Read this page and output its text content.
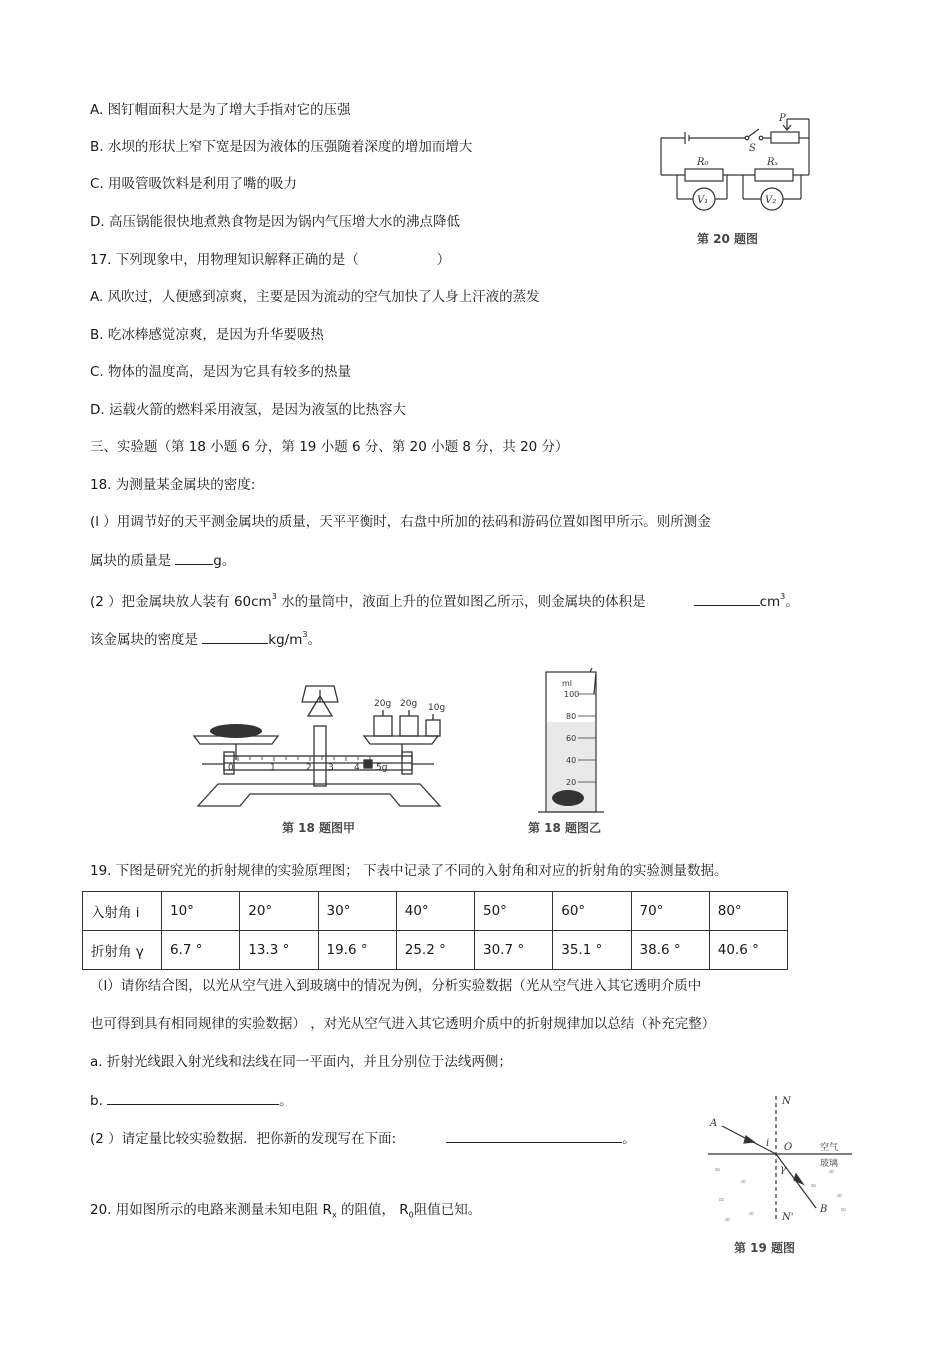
A. 图钉帽面积大是为了增大手指对它的压强
B. 水坝的形状上窄下宽是因为液体的压强随着深度的增加而增大
C. 用吸管吸饮料是利用了嘴的吸力
D. 高压锅能很快地煮熟食物是因为锅内气压增大水的沸点降低
17. 下列现象中，用物理知识解释正确的是（	）
A. 风吹过，人便感到凉爽，主要是因为流动的空气加快了人身上汗液的蒸发
B. 吃冰棒感觉凉爽，是因为升华要吸热
C. 物体的温度高，是因为它具有较多的热量
D. 运载火箭的燃料采用液氢，是因为液氢的比热容大
三、实验题（第 18 小题 6 分，第 19 小题 6 分、第 20 小题 8 分，共 20 分）
18. 为测量某金属块的密度:
(l ）用调节好的天平测金属块的质量，天平平衡时，右盘中所加的祛码和游码位置如图甲所示。则所测金
属块的质量是	g。
(2 ）把金属块放人装有 $60cm^3$ 水的量筒中，液面上升的位置如图乙所示，则金属块的体积是	$cm^3$。
该金属块的密度是	$kg/m^3$。
P
S
R₀	Rₓ
V₁	V₂
第 20 题图
20g 20g 10g
0	1	2 3 4 5g
第 18 题图甲
ml
100
80
60
40
20
第 18 题图乙
19. 下图是研究光的折射规律的实验原理图； 下表中记录了不同的入射角和对应的折射角的实验测量数据。
入射角 i	10°	20°	30°	40°	50°	60°	70°	80°
折射角 γ	6.7 °	13.3 °	19.6 °	25.2 °	30.7 °	35.1 °	38.6 °	40.6 °
（l）请你结合图，以光从空气进入到玻璃中的情况为例，分析实验数据（光从空气进入其它透明介质中
也可得到具有相同规律的实验数据） ，对光从空气进入其它透明介质中的折射规律加以总结（补充完整）
a. 折射光线跟入射光线和法线在同一平面内，并且分别位于法线两侧；
b.	。
(2 ）请定量比较实验数据．把你新的发现写在下面:	。
∞
∞
∞
∞
∞
∞
∞
∞
∞
N
N'
A
B
O
i
γ
空气
玻璃
第 19 题图
20. 用如图所示的电路来测量未知电阻 $R_x$ 的阻值， $R_0$阻值已知。
